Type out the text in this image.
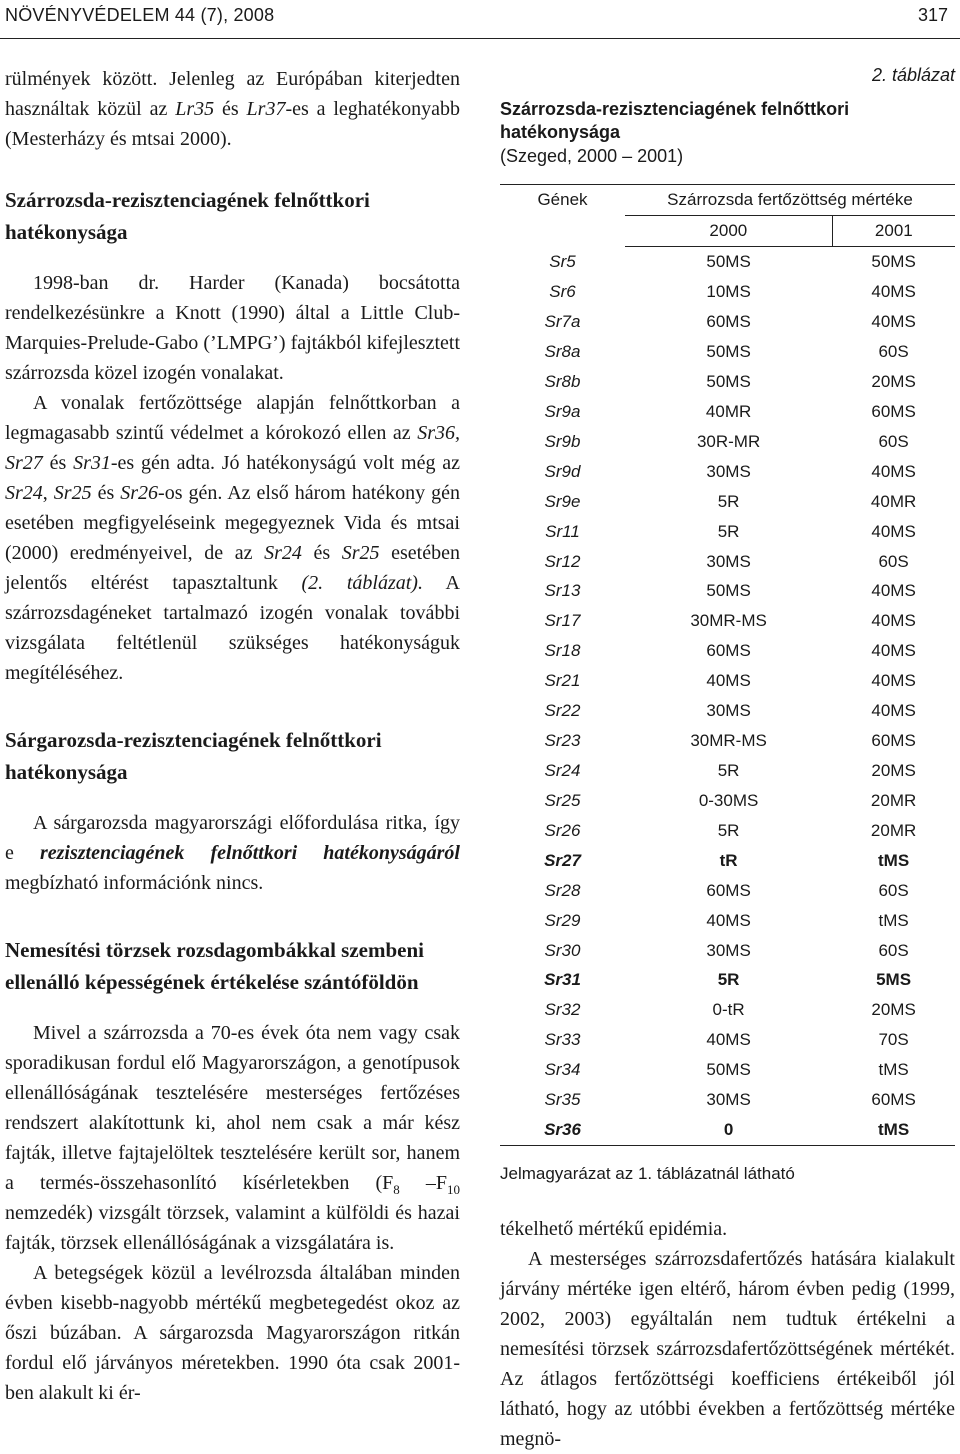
NÖVÉNYVÉDELEM 44 (7), 2008	317

rülmények között. Jelenleg az Európában kiterjedten használtak közül az Lr35 és Lr37-es a leghatékonyabb (Mesterházy és mtsai 2000).

Szárrozsda-rezisztenciagének felnőttkori hatékonysága

1998-ban dr. Harder (Kanada) bocsátotta rendelkezésünkre a Knott (1990) által a Little Club-Marquies-Prelude-Gabo (’LMPG’) fajtákból kifejlesztett szárrozsda közel izogén vonalakat.

A vonalak fertőzöttsége alapján felnőttkorban a legmagasabb szintű védelmet a kórokozó ellen az Sr36, Sr27 és Sr31-es gén adta. Jó hatékonyságú volt még az Sr24, Sr25 és Sr26-os gén. Az első három hatékony gén esetében megfigyeléseink megegyeznek Vida és mtsai (2000) eredményeivel, de az Sr24 és Sr25 esetében jelentős eltérést tapasztaltunk (2. táblázat). A szárrozsdagéneket tartalmazó izogén vonalak további vizsgálata feltétlenül szükséges hatékonyságuk megítéléséhez.

Sárgarozsda-rezisztenciagének felnőttkori hatékonysága

A sárgarozsda magyarországi előfordulása ritka, így e rezisztenciagének felnőttkori hatékonyságáról megbízható információnk nincs.

Nemesítési törzsek rozsdagombákkal szembeni ellenálló képességének értékelése szántóföldön

Mivel a szárrozsda a 70-es évek óta nem vagy csak sporadikusan fordul elő Magyarországon, a genotípusok ellenállóságának tesztelésére mesterséges fertőzéses rendszert alakítottunk ki, ahol nem csak a már kész fajták, illetve fajtajelöltek tesztelésére került sor, hanem a termés-összehasonlító kísérletekben ($F_8$ $-F_{10}$ nemzedék) vizsgált törzsek, valamint a külföldi és hazai fajták, törzsek ellenállóságának a vizsgálatára is.

A betegségek közül a levélrozsda általában minden évben kisebb-nagyobb mértékű megbetegedést okoz az őszi búzában. A sárgarozsda Magyarországon ritkán fordul elő járványos méretekben. 1990 óta csak 2001-ben alakult ki ér-

2. táblázat
Szárrozsda-rezisztenciagének felnőttkori hatékonysága
(Szeged, 2000 – 2001)
Gének	Szárrozsda fertőzöttség mértéke	
	2000	2001
Sr5	50MS	50MS
Sr6	10MS	40MS
Sr7a	60MS	40MS
Sr8a	50MS	60S
Sr8b	50MS	20MS
Sr9a	40MR	60MS
Sr9b	30R-MR	60S
Sr9d	30MS	40MS
Sr9e	5R	40MR
Sr11	5R	40MS
Sr12	30MS	60S
Sr13	50MS	40MS
Sr17	30MR-MS	40MS
Sr18	60MS	40MS
Sr21	40MS	40MS
Sr22	30MS	40MS
Sr23	30MR-MS	60MS
Sr24	5R	20MS
Sr25	0-30MS	20MR
Sr26	5R	20MR
Sr27	tR	tMS
Sr28	60MS	60S
Sr29	40MS	tMS
Sr30	30MS	60S
Sr31	5R	5MS
Sr32	0-tR	20MS
Sr33	40MS	70S
Sr34	50MS	tMS
Sr35	30MS	60MS
Sr36	0	tMS
Jelmagyarázat az 1. táblázatnál látható

tékelhető mértékű epidémia.

A mesterséges szárrozsdafertőzés hatására kialakult járvány mértéke igen eltérő, három évben pedig (1999, 2002, 2003) egyáltalán nem tudtuk értékelni a nemesítési törzsek szárrozsdafertőzöttségének mértékét. Az átlagos fertőzöttségi koefficiens értékeiből jól látható, hogy az utóbbi években a fertőzöttség mértéke megnö-
